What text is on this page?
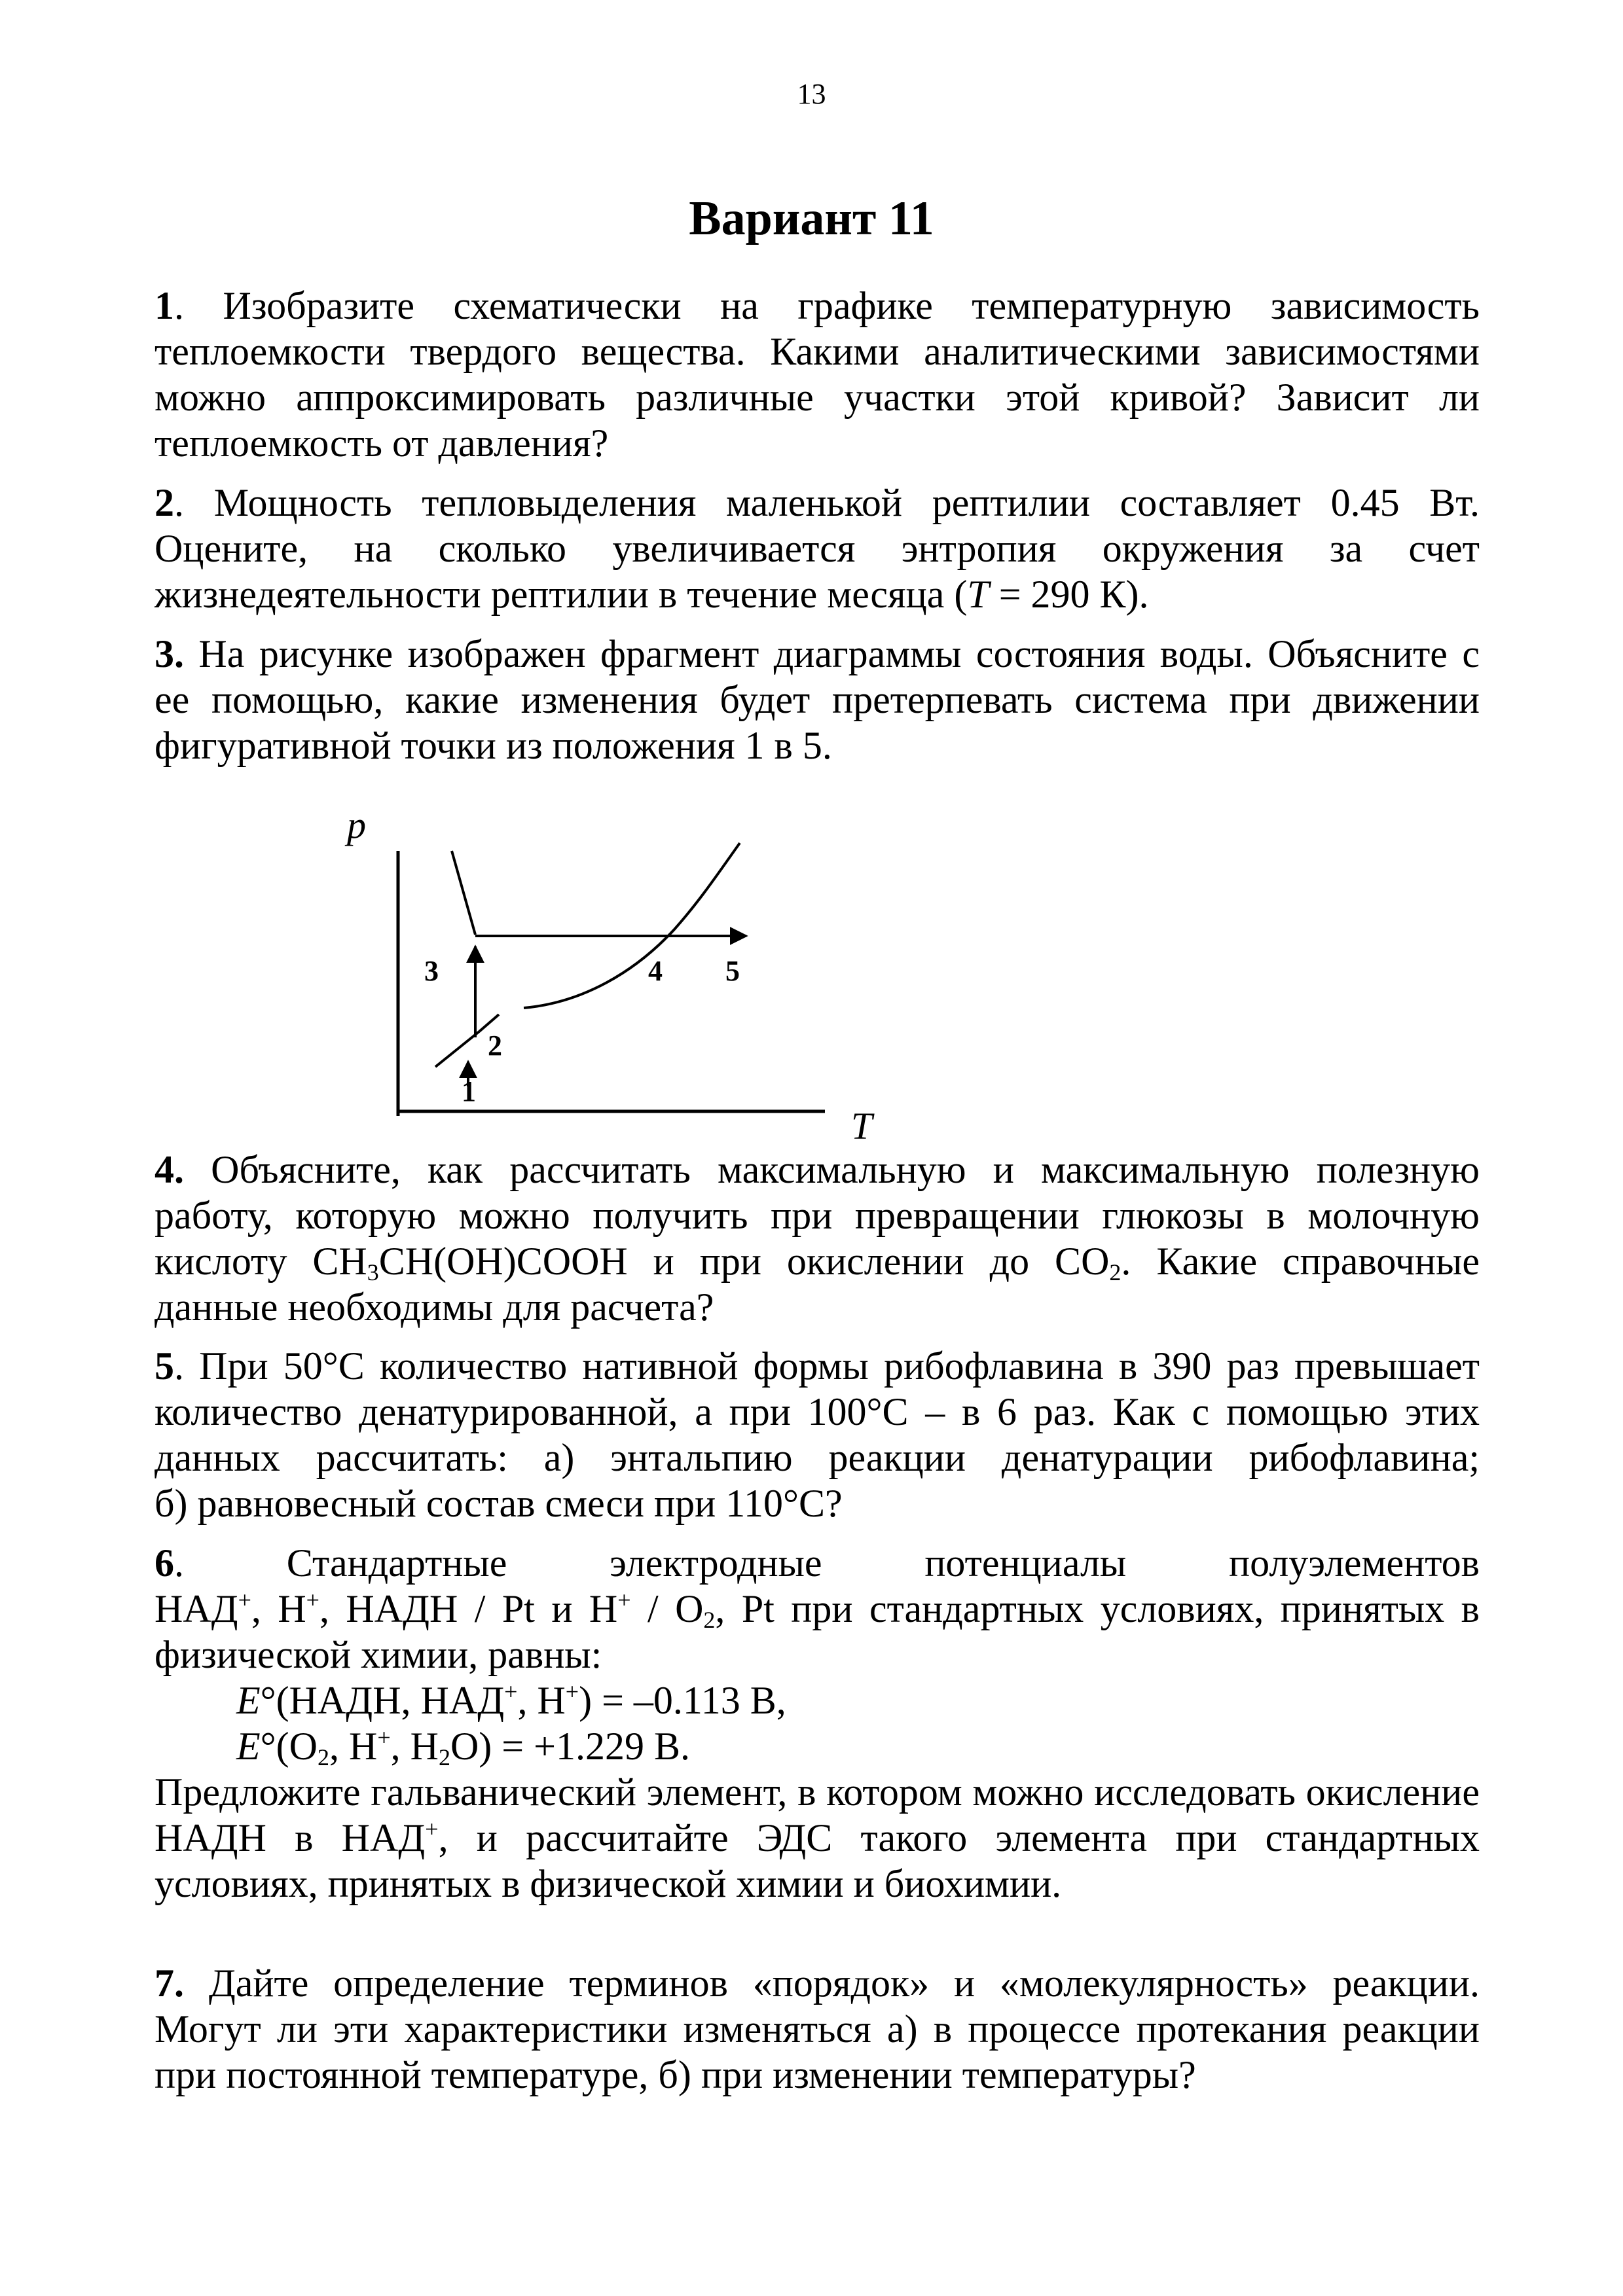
13
Вариант 11

1. Изобразите схематически на графике температурную зависимость теплоемкости твердого вещества. Какими аналитическими зависимостями можно аппроксимировать различные участки этой кривой? Зависит ли теплоемкость от давления?

2. Мощность тепловыделения маленькой рептилии составляет 0.45 Вт. Оцените, на сколько увеличивается энтропия окружения за счет жизнедеятельности рептилии в течение месяца (T = 290 К).

3. На рисунке изображен фрагмент диаграммы состояния воды. Объясните с ее помощью, какие изменения будет претерпевать система при движении фигуративной точки из положения 1 в 5.

p
T
1
2
3	4 5

4. Объясните, как рассчитать максимальную и максимальную полезную работу, которую можно получить при превращении глюкозы в молочную кислоту $CH_3CH(OH)COOH$ и при окислении до $CO_2$. Какие справочные данные необходимы для расчета?

5. При 50°С количество нативной формы рибофлавина в 390 раз превышает количество денатурированной, а при 100°С – в 6 раз. Как с помощью этих данных рассчитать: а) энтальпию реакции денатурации рибофлавина;

б) равновесный состав смеси при 110°С?

6. Стандартные электродные потенциалы полуэлементов

НАД+, Н+, НАДН / Pt и $Н^+ / O_2$, Pt при стандартных условиях, принятых в физической химии, равны:

E°(НАДН, НАД+, Н+) = –0.113 В,

$E^\circ(O_2$, Н+, $Н_2O) = +1.229$ В.

Предложите гальванический элемент, в котором можно исследовать окисление НАДН в НАД+, и рассчитайте ЭДС такого элемента при стандартных условиях, принятых в физической химии и биохимии.

7. Дайте определение терминов «порядок» и «молекулярность» реакции. Могут ли эти характеристики изменяться а) в процессе протекания реакции при постоянной температуре, б) при изменении температуры?
